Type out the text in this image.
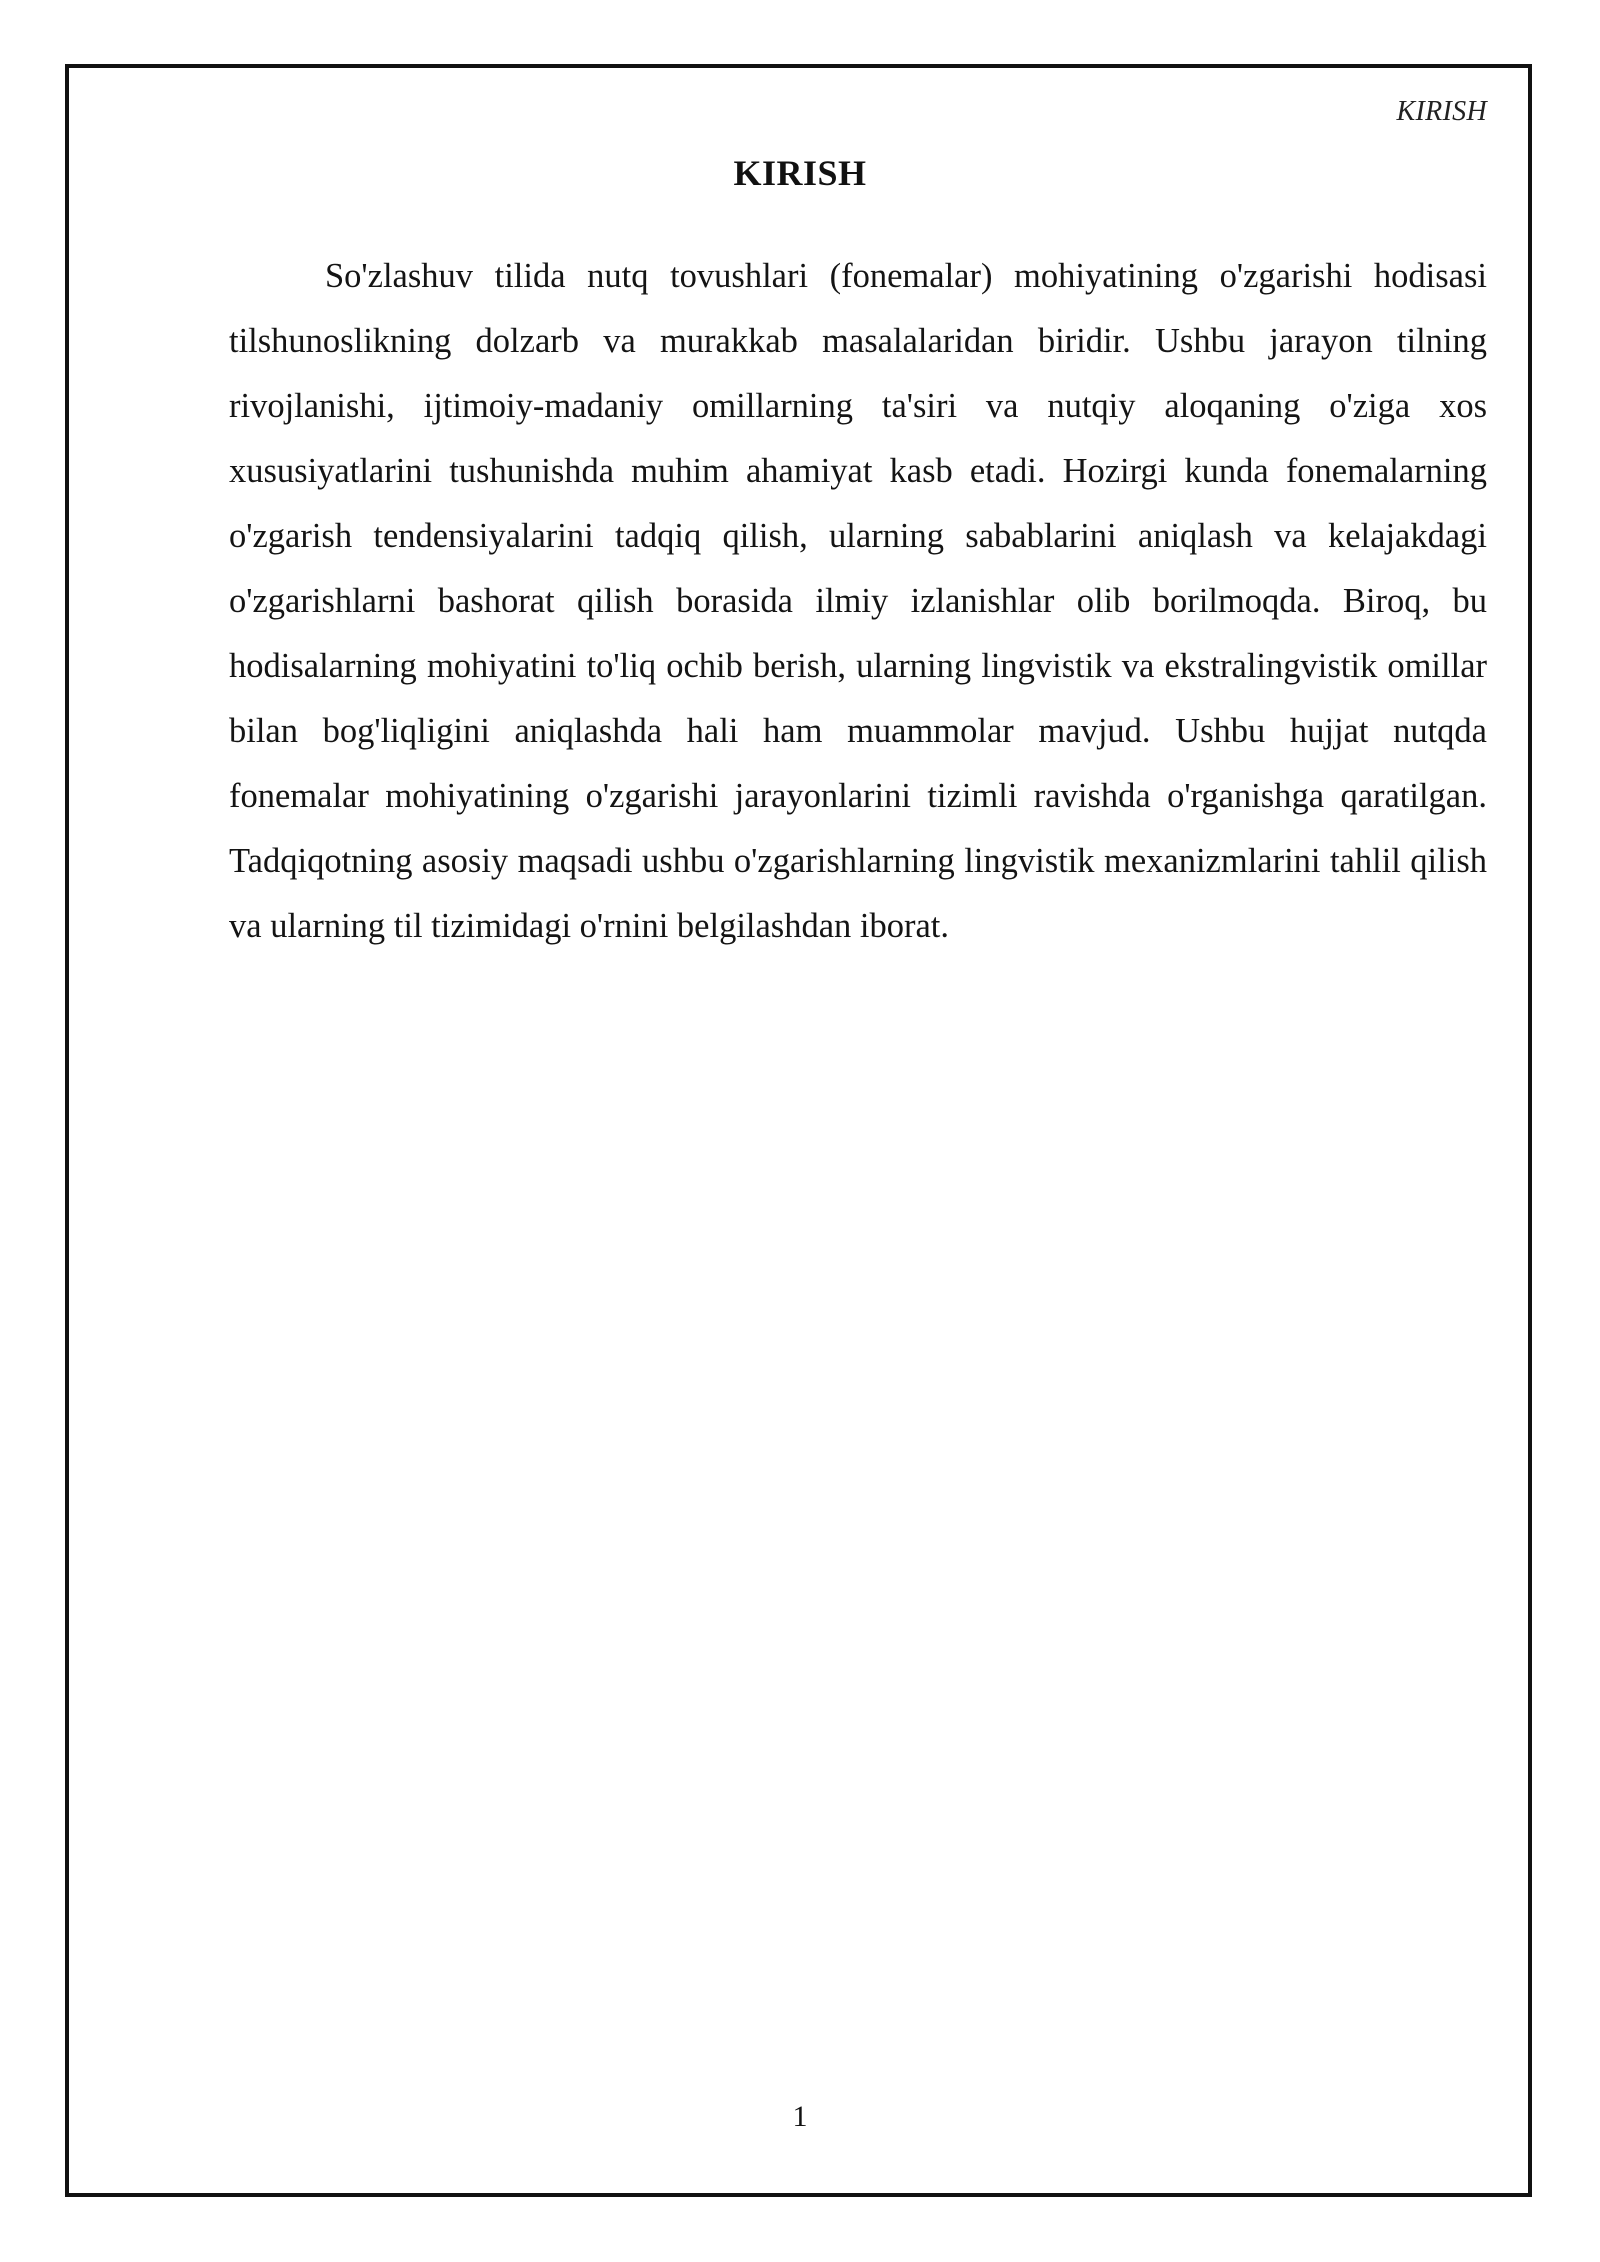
KIRISH
KIRISH

So'zlashuv tilida nutq tovushlari (fonemalar) mohiyatining o'zgarishi hodisasi tilshunoslikning dolzarb va murakkab masalalaridan biridir. Ushbu jarayon tilning rivojlanishi, ijtimoiy-madaniy omillarning ta'siri va nutqiy aloqaning o'ziga xos xususiyatlarini tushunishda muhim ahamiyat kasb etadi. Hozirgi kunda fonemalarning o'zgarish tendensiyalarini tadqiq qilish, ularning sabablarini aniqlash va kelajakdagi o'zgarishlarni bashorat qilish borasida ilmiy izlanishlar olib borilmoqda. Biroq, bu hodisalarning mohiyatini to'liq ochib berish, ularning lingvistik va ekstralingvistik omillar bilan bog'liqligini aniqlashda hali ham muammolar mavjud. Ushbu hujjat nutqda fonemalar mohiyatining o'zgarishi jarayonlarini tizimli ravishda o'rganishga qaratilgan. Tadqiqotning asosiy maqsadi ushbu o'zgarishlarning lingvistik mexanizmlarini tahlil qilish va ularning til tizimidagi o'rnini belgilashdan iborat.

1
